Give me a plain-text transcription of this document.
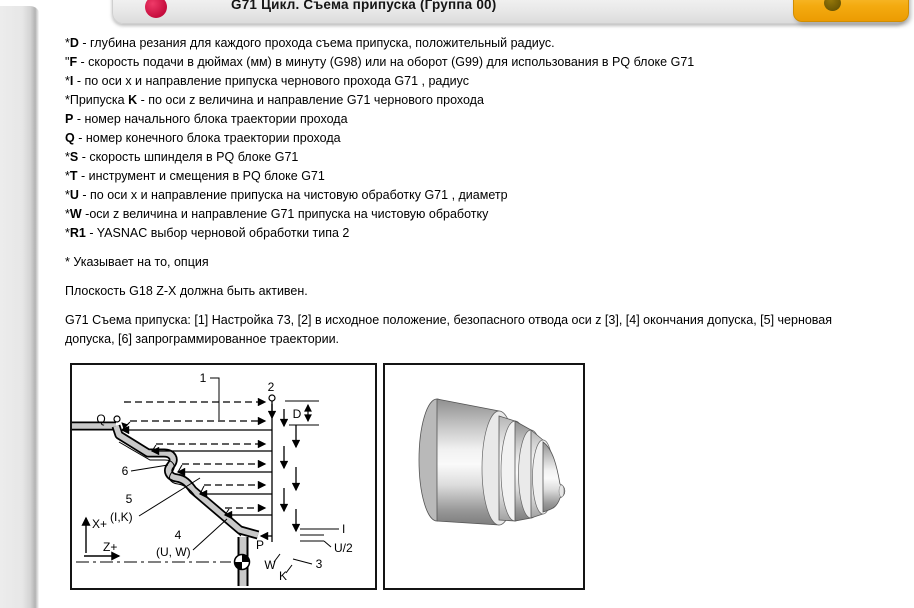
G71 Цикл. Съема припуска (Группа 00)
*D - глубина резания для каждого прохода съема припуска, положительный радиус.
"F - скорость подачи в дюймах (мм) в минуту (G98) или на оборот (G99) для использования в PQ блоке G71
*I - по оси x и направление припуска чернового прохода G71 , радиус
*Припуска K - по оси z величина и направление G71 чернового прохода
P - номер начального блока траектории прохода
Q - номер конечного блока траектории прохода
*S - скорость шпинделя в PQ блоке G71
*T - инструмент и смещения в PQ блоке G71
*U - по оси x и направление припуска на чистовую обработку G71 , диаметр
*W -оси z величина и направление G71 припуска на чистовую обработку
*R1 - YASNAC выбор черновой обработки типа 2
* Указывает на то, опция
Плоскость G18 Z-X должна быть активен.
G71 Съема припуска: [1] Настройка 73, [2] в исходное положение, безопасного отвода оси z [3], [4] окончания допуска, [5] черновая
допуска, [6] запрограммированное траектории.
1
2
Q	D
6
5
(I,K)
4
(U, W)	P
W
K
3
I
U/2
X+
Z+
